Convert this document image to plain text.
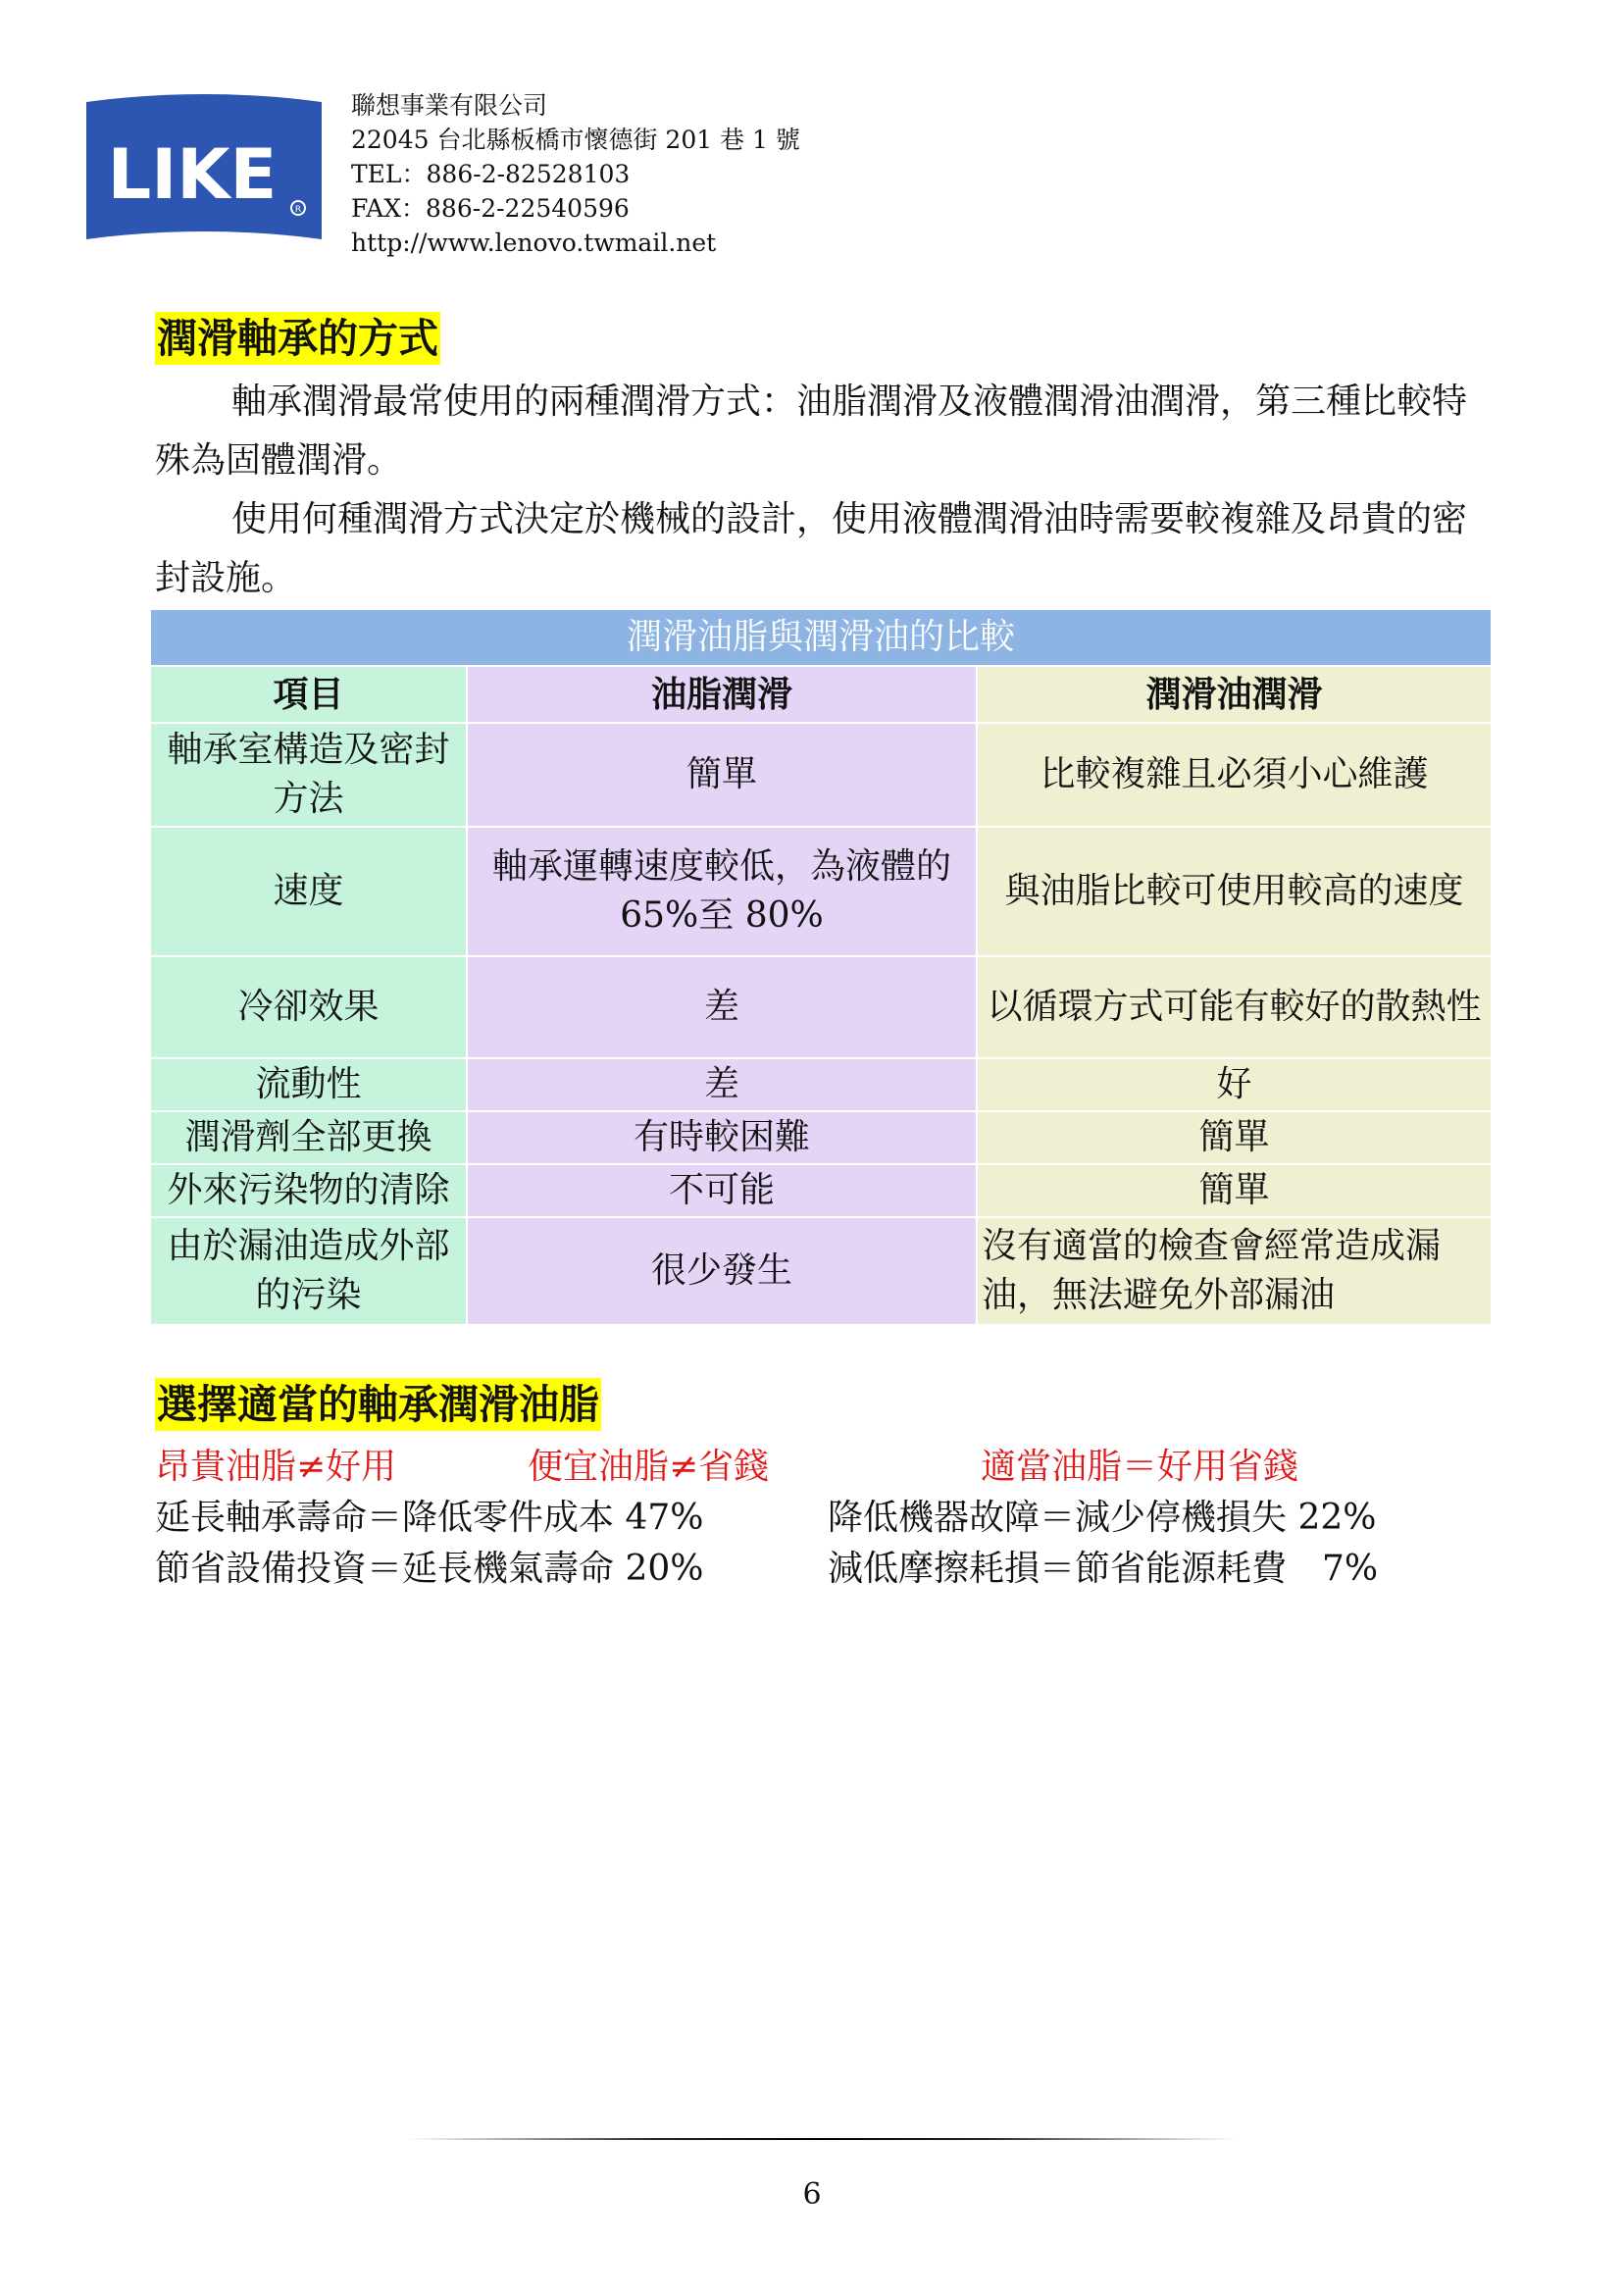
LIKE R
聯想事業有限公司
22045 台北縣板橋市懷德街 201 巷 1 號
TEL：886-2-82528103
FAX：886-2-22540596
http://www.lenovo.twmail.net
潤滑軸承的方式
軸承潤滑最常使用的兩種潤滑方式：油脂潤滑及液體潤滑油潤滑，第三種比較特殊為固體潤滑。
使用何種潤滑方式決定於機械的設計，使用液體潤滑油時需要較複雜及昂貴的密封設施。
潤滑油脂與潤滑油的比較		
項目	油脂潤滑	潤滑油潤滑
軸承室構造及密封方法	簡單	比較複雜且必須小心維護
速度	軸承運轉速度較低，為液體的65%至 80%	與油脂比較可使用較高的速度
冷卻效果	差	以循環方式可能有較好的散熱性
流動性	差	好
潤滑劑全部更換	有時較困難	簡單
外來污染物的清除	不可能	簡單
由於漏油造成外部的污染	很少發生	沒有適當的檢查會經常造成漏油，無法避免外部漏油
選擇適當的軸承潤滑油脂
昂貴油脂≠好用	便宜油脂≠省錢	適當油脂＝好用省錢
延長軸承壽命＝降低零件成本 47%	降低機器故障＝減少停機損失 22%
節省設備投資＝延長機氣壽命 20%	減低摩擦耗損＝節省能源耗費　7%
6
